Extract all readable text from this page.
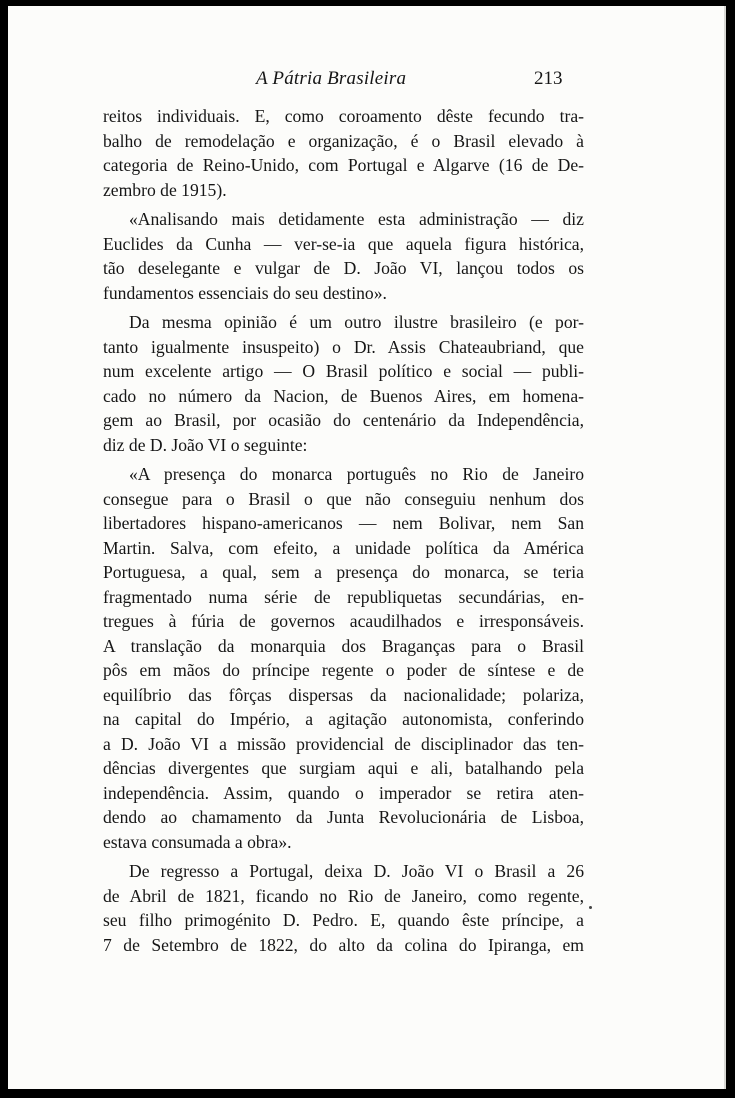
A Pátria Brasileira	213
reitos individuais. E, como coroamento dêste fecundo tra-
balho de remodelação e organização, é o Brasil elevado à
categoria de Reino-Unido, com Portugal e Algarve (16 de De-
zembro de 1915).
«Analisando mais detidamente esta administração — diz
Euclides da Cunha — ver-se-ia que aquela figura histórica,
tão deselegante e vulgar de D. João VI, lançou todos os
fundamentos essenciais do seu destino».
Da mesma opinião é um outro ilustre brasileiro (e por-
tanto igualmente insuspeito) o Dr. Assis Chateaubriand, que
num excelente artigo — O Brasil político e social — publi-
cado no número da Nacion, de Buenos Aires, em homena-
gem ao Brasil, por ocasião do centenário da Independência,
diz de D. João VI o seguinte:
«A presença do monarca português no Rio de Janeiro
consegue para o Brasil o que não conseguiu nenhum dos
libertadores hispano-americanos — nem Bolivar, nem San
Martin. Salva, com efeito, a unidade política da América
Portuguesa, a qual, sem a presença do monarca, se teria
fragmentado numa série de republiquetas secundárias, en-
tregues à fúria de governos acaudilhados e irresponsáveis.
A translação da monarquia dos Braganças para o Brasil
pôs em mãos do príncipe regente o poder de síntese e de
equilíbrio das fôrças dispersas da nacionalidade; polariza,
na capital do Império, a agitação autonomista, conferindo
a D. João VI a missão providencial de disciplinador das ten-
dências divergentes que surgiam aqui e ali, batalhando pela
independência. Assim, quando o imperador se retira aten-
dendo ao chamamento da Junta Revolucionária de Lisboa,
estava consumada a obra».
De regresso a Portugal, deixa D. João VI o Brasil a 26
de Abril de 1821, ficando no Rio de Janeiro, como regente,
seu filho primogénito D. Pedro. E, quando êste príncipe, a
7 de Setembro de 1822, do alto da colina do Ipiranga, em
